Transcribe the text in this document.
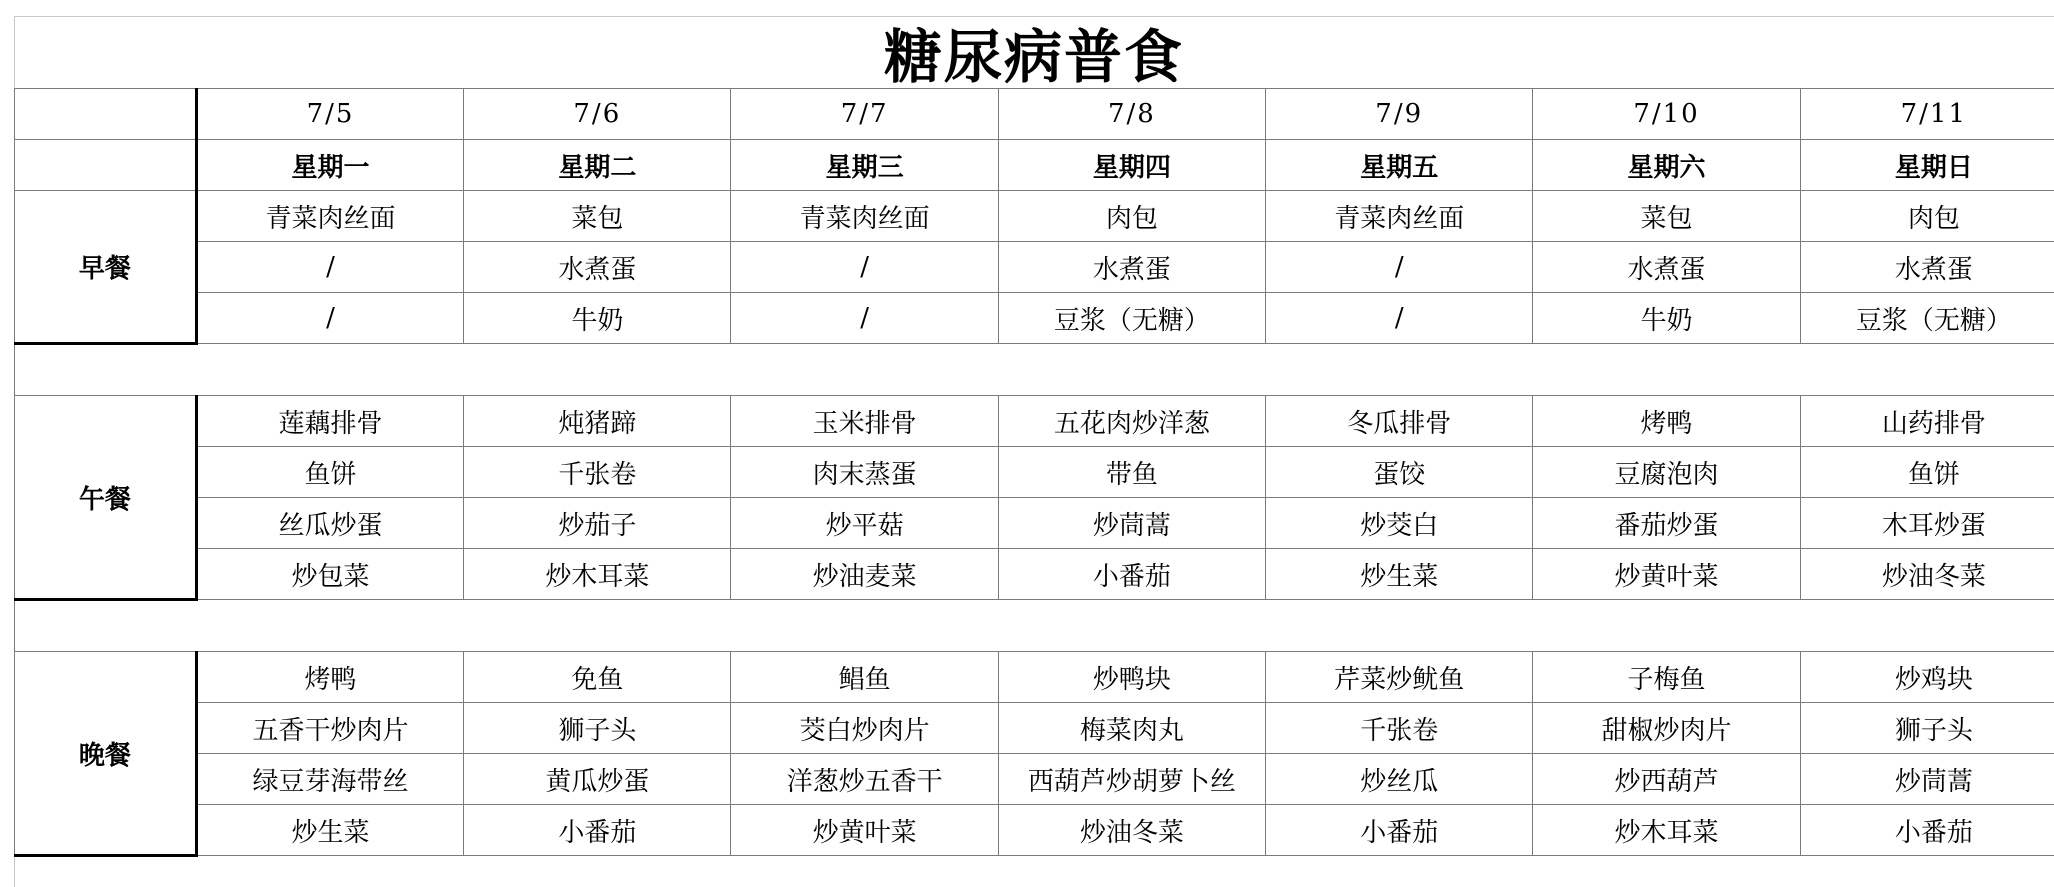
糖尿病普食
	7/5	7/6	7/7	7/8	7/9	7/10	7/11
	星期一	星期二	星期三	星期四	星期五	星期六	星期日
早餐	青菜肉丝面	菜包	青菜肉丝面	肉包	青菜肉丝面	菜包	肉包
	/	水煮蛋	/	水煮蛋	/	水煮蛋	水煮蛋
	/	牛奶	/	豆浆（无糖）	/	牛奶	豆浆（无糖）

午餐	莲藕排骨	炖猪蹄	玉米排骨	五花肉炒洋葱	冬瓜排骨	烤鸭	山药排骨
	鱼饼	千张卷	肉末蒸蛋	带鱼	蛋饺	豆腐泡肉	鱼饼
	丝瓜炒蛋	炒茄子	炒平菇	炒茼蒿	炒茭白	番茄炒蛋	木耳炒蛋
	炒包菜	炒木耳菜	炒油麦菜	小番茄	炒生菜	炒黄叶菜	炒油冬菜

晚餐	烤鸭	免鱼	鲳鱼	炒鸭块	芹菜炒鱿鱼	子梅鱼	炒鸡块
	五香干炒肉片	狮子头	茭白炒肉片	梅菜肉丸	千张卷	甜椒炒肉片	狮子头
	绿豆芽海带丝	黄瓜炒蛋	洋葱炒五香干	西葫芦炒胡萝卜丝	炒丝瓜	炒西葫芦	炒茼蒿
	炒生菜	小番茄	炒黄叶菜	炒油冬菜	小番茄	炒木耳菜	小番茄
